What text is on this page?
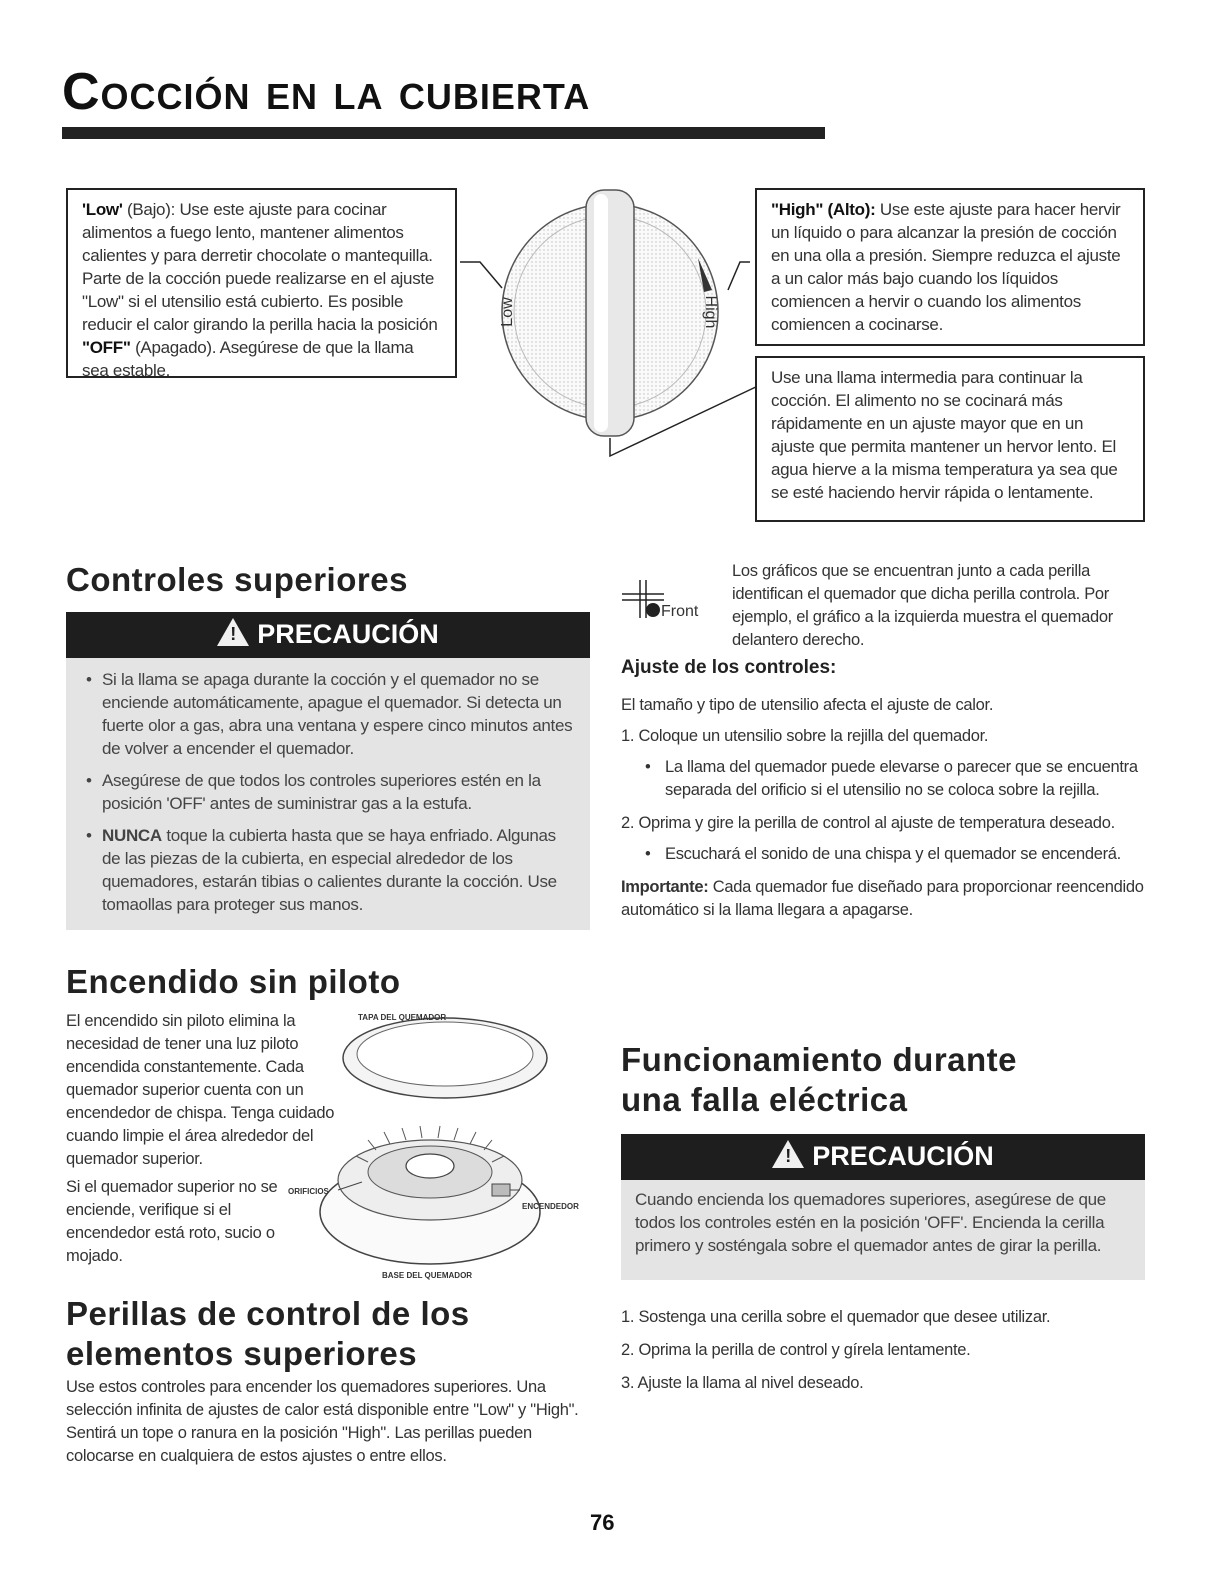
Cocción en la cubierta
'Low' (Bajo): Use este ajuste para cocinar alimentos a fuego lento, mantener alimentos calientes y para derretir chocolate o mantequilla. Parte de la cocción puede realizarse en el ajuste "Low" si el utensilio está cubierto. Es posible reducir el calor girando la perilla hacia la posición "OFF" (Apagado). Asegúrese de que la llama sea estable.
Low	High
"High" (Alto): Use este ajuste para hacer hervir un líquido o para alcanzar la presión de cocción en una olla a presión. Siempre reduzca el ajuste a un calor más bajo cuando los líquidos comiencen a hervir o cuando los alimentos comiencen a cocinarse.
Use una llama intermedia para continuar la cocción. El alimento no se cocinará más rápidamente en un ajuste mayor que en un ajuste que permita mantener un hervor lento. El agua hierve a la misma temperatura ya sea que se esté haciendo hervir rápida o lentamente.
Controles superiores
! PRECAUCIÓN
• Si la llama se apaga durante la cocción y el quemador no se enciende automáticamente, apague el quemador. Si detecta un fuerte olor a gas, abra una ventana y espere cinco minutos antes de volver a encender el quemador.
• Asegúrese de que todos los controles superiores estén en la posición 'OFF' antes de suministrar gas a la estufa.
• NUNCA toque la cubierta hasta que se haya enfriado. Algunas de las piezas de la cubierta, en especial alrededor de los quemadores, estarán tibias o calientes durante la cocción. Use tomaollas para proteger sus manos.
Encendido sin piloto
El encendido sin piloto elimina la necesidad de tener una luz piloto encendida constantemente. Cada quemador superior cuenta con un encendedor de chispa. Tenga cuidado cuando limpie el área alrededor del quemador superior.
Si el quemador superior no se enciende, verifique si el encendedor está roto, sucio o mojado.
TAPA DEL QUEMADOR
ORIFICIOS
ENCENDEDOR
BASE DEL QUEMADOR
Perillas de control de los
elementos superiores
Use estos controles para encender los quemadores superiores. Una selección infinita de ajustes de calor está disponible entre "Low" y "High". Sentirá un tope o ranura en la posición "High". Las perillas pueden colocarse en cualquiera de estos ajustes o entre ellos.
Front
Los gráficos que se encuentran junto a cada perilla identifican el quemador que dicha perilla controla. Por ejemplo, el gráfico a la izquierda muestra el quemador delantero derecho.
Ajuste de los controles:
El tamaño y tipo de utensilio afecta el ajuste de calor.
1. Coloque un utensilio sobre la rejilla del quemador.
• La llama del quemador puede elevarse o parecer que se encuentra separada del orificio si el utensilio no se coloca sobre la rejilla.
2. Oprima y gire la perilla de control al ajuste de temperatura deseado.
• Escuchará el sonido de una chispa y el quemador se encenderá.
Importante: Cada quemador fue diseñado para proporcionar reencendido automático si la llama llegara a apagarse.
Funcionamiento durante
una falla eléctrica
! PRECAUCIÓN
Cuando encienda los quemadores superiores, asegúrese de que todos los controles estén en la posición 'OFF'. Encienda la cerilla primero y sosténgala sobre el quemador antes de girar la perilla.
1. Sostenga una cerilla sobre el quemador que desee utilizar.
2. Oprima la perilla de control y gírela lentamente.
3. Ajuste la llama al nivel deseado.
76
